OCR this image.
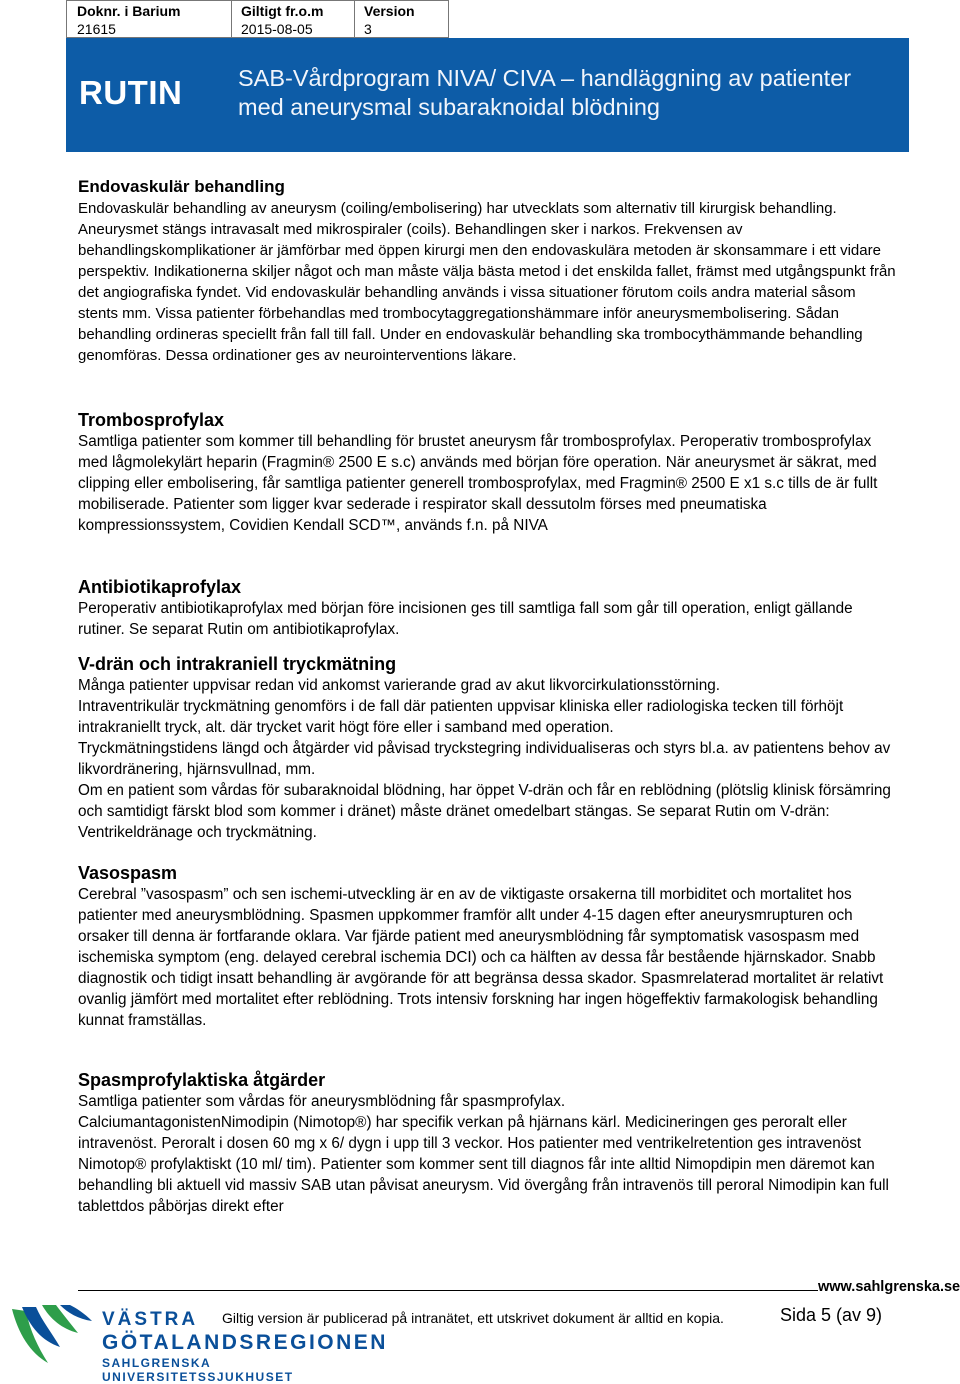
Doknr. i Barium
21615
Giltigt fr.o.m
2015-08-05
Version
3
RUTIN SAB-Vårdprogram NIVA/ CIVA – handläggning av patienter med aneurysmal subaraknoidal blödning
Endovaskulär behandling
Endovaskulär behandling av aneurysm (coiling/embolisering) har utvecklats som alternativ till kirurgisk behandling. Aneurysmet stängs intravasalt med mikrospiraler (coils). Behandlingen sker i narkos. Frekvensen av behandlingskomplikationer är jämförbar med öppen kirurgi men den endovaskulära metoden är skonsammare i ett vidare perspektiv. Indikationerna skiljer något och man måste välja bästa metod i det enskilda fallet, främst med utgångspunkt från det angiografiska fyndet. Vid endovaskulär behandling används i vissa situationer förutom coils andra material såsom stents mm. Vissa patienter förbehandlas med trombocytaggregationshämmare inför aneurysmembolisering. Sådan behandling ordineras speciellt från fall till fall. Under en endovaskulär behandling ska trombocythämmande behandling genomföras. Dessa ordinationer ges av neurointerventions läkare.
Trombosprofylax
Samtliga patienter som kommer till behandling för brustet aneurysm får trombosprofylax. Peroperativ trombosprofylax med lågmolekylärt heparin (Fragmin® 2500 E s.c) används med början före operation. När aneurysmet är säkrat, med clipping eller embolisering, får samtliga patienter generell trombosprofylax, med Fragmin® 2500 E x1 s.c tills de är fullt mobiliserade. Patienter som ligger kvar sederade i respirator skall dessutolm förses med pneumatiska kompressionssystem, Covidien Kendall SCD™, används f.n. på NIVA
Antibiotikaprofylax
Peroperativ antibiotikaprofylax med början före incisionen ges till samtliga fall som går till operation, enligt gällande rutiner. Se separat Rutin om antibiotikaprofylax.
V-drän och intrakraniell tryckmätning
Många patienter uppvisar redan vid ankomst varierande grad av akut likvorcirkulationsstörning.
Intraventrikulär tryckmätning genomförs i de fall där patienten uppvisar kliniska eller radiologiska tecken till förhöjt intrakraniellt tryck, alt. där trycket varit högt före eller i samband med operation.
Tryckmätningstidens längd och åtgärder vid påvisad tryckstegring individualiseras och styrs bl.a. av patientens behov av likvordränering, hjärnsvullnad, mm.
Om en patient som vårdas för subaraknoidal blödning, har öppet V-drän och får en reblödning (plötslig klinisk försämring och samtidigt färskt blod som kommer i dränet) måste dränet omedelbart stängas. Se separat Rutin om V-drän: Ventrikeldränage och tryckmätning.
Vasospasm
Cerebral ”vasospasm” och sen ischemi-utveckling är en av de viktigaste orsakerna till morbiditet och mortalitet hos patienter med aneurysmblödning. Spasmen uppkommer framför allt under 4-15 dagen efter aneurysmrupturen och orsaker till denna är fortfarande oklara. Var fjärde patient med aneurysmblödning får symptomatisk vasospasm med ischemiska symptom (eng. delayed cerebral ischemia DCI) och ca hälften av dessa får bestående hjärnskador. Snabb diagnostik och tidigt insatt behandling är avgörande för att begränsa dessa skador. Spasmrelaterad mortalitet är relativt ovanlig jämfört med mortalitet efter reblödning. Trots intensiv forskning har ingen högeffektiv farmakologisk behandling kunnat framställas.
Spasmprofylaktiska åtgärder
Samtliga patienter som vårdas för aneurysmblödning får spasmprofylax.
CalciumantagonistenNimodipin (Nimotop®) har specifik verkan på hjärnans kärl. Medicineringen ges peroralt eller intravenöst. Peroralt i dosen 60 mg x 6/ dygn i upp till 3 veckor. Hos patienter med ventrikelretention ges intravenöst Nimotop® profylaktiskt (10 ml/ tim). Patienter som kommer sent till diagnos får inte alltid Nimopdipin men däremot kan behandling bli aktuell vid massiv SAB utan påvisat aneurysm. Vid övergång från intravenös till peroral Nimodipin kan full tablettdos påbörjas direkt efter
www.sahlgrenska.se
Giltig version är publicerad på intranätet, ett utskrivet dokument är alltid en kopia.	Sida 5 (av 9)
VÄSTRA
GÖTALANDSREGIONEN
SAHLGRENSKA UNIVERSITETSSJUKHUSET
